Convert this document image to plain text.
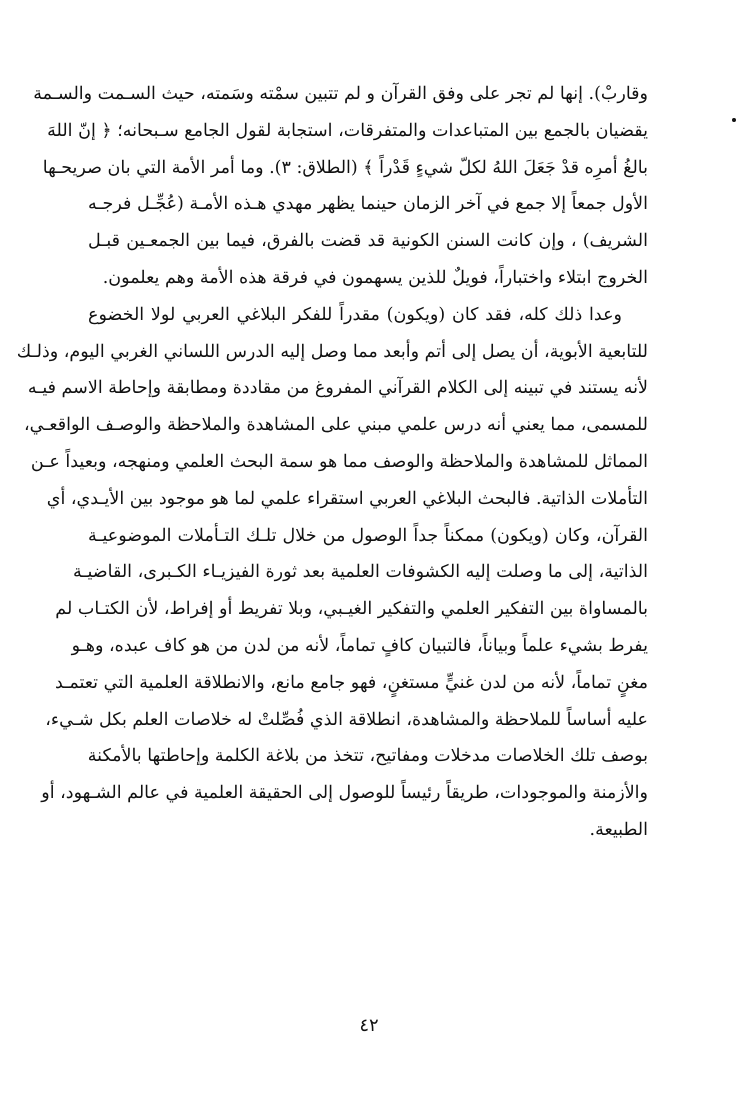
وقاربْ). إنها لم تجر على وفق القرآن و لم تتبين سمْته وسَمته، حيث السـمت والسـمة
يقضيان بالجمع بين المتباعدات والمتفرقات، استجابة لقول الجامع سـبحانه؛ ﴿ إنّ اللهَ
بالغُ أمرِه قدْ جَعَلَ اللهُ لكلّ شيءٍ قَدْراً ﴾ (الطلاق: ٣). وما أمر الأمة التي بان صريحـها
الأول جمعاً إلا جمع في آخر الزمان حينما يظهر مهدي هـذه الأمـة (عُجِّـل فرجـه
الشريف) ، وإن كانت السنن الكونية قد قضت بالفرق، فيما بين الجمعـين قبـل
الخروج ابتلاء واختباراً، فويلٌ للذين يسهمون في فرقة هذه الأمة وهم يعلمون.

وعدا ذلك كله، فقد كان (ويكون) مقدراً للفكر البلاغي العربي لولا الخضوع
للتابعية الأبوية، أن يصل إلى أتم وأبعد مما وصل إليه الدرس اللساني الغربي اليوم، وذلـك
لأنه يستند في تبينه إلى الكلام القرآني المفروغ من مقاددة ومطابقة وإحاطة الاسم فيـه
للمسمى، مما يعني أنه درس علمي مبني على المشاهدة والملاحظة والوصـف الواقعـي،
المماثل للمشاهدة والملاحظة والوصف مما هو سمة البحث العلمي ومنهجه، وبعيداً عـن
التأملات الذاتية. فالبحث البلاغي العربي استقراء علمي لما هو موجود بين الأيـدي، أي
القرآن، وكان (ويكون) ممكناً جداً الوصول من خلال تلـك التـأملات الموضوعيـة
الذاتية، إلى ما وصلت إليه الكشوفات العلمية بعد ثورة الفيزيـاء الكـبرى، القاضيـة
بالمساواة بين التفكير العلمي والتفكير الغيـبي، وبلا تفريط أو إفراط، لأن الكتـاب لم
يفرط بشيء علماً وبياناً، فالتبيان كافٍ تماماً، لأنه من لدن من هو كاف عبده، وهـو
مغنٍ تماماً، لأنه من لدن غنيٍّ مستغنٍ، فهو جامع مانع، والانطلاقة العلمية التي تعتمـد
عليه أساساً للملاحظة والمشاهدة، انطلاقة الذي فُصِّلتْ له خلاصات العلم بكل شـيء،
بوصف تلك الخلاصات مدخلات ومفاتيح، تتخذ من بلاغة الكلمة وإحاطتها بالأمكنة
والأزمنة والموجودات، طريقاً رئيساً للوصول إلى الحقيقة العلمية في عالم الشـهود، أو
الطبيعة.

٤٢
